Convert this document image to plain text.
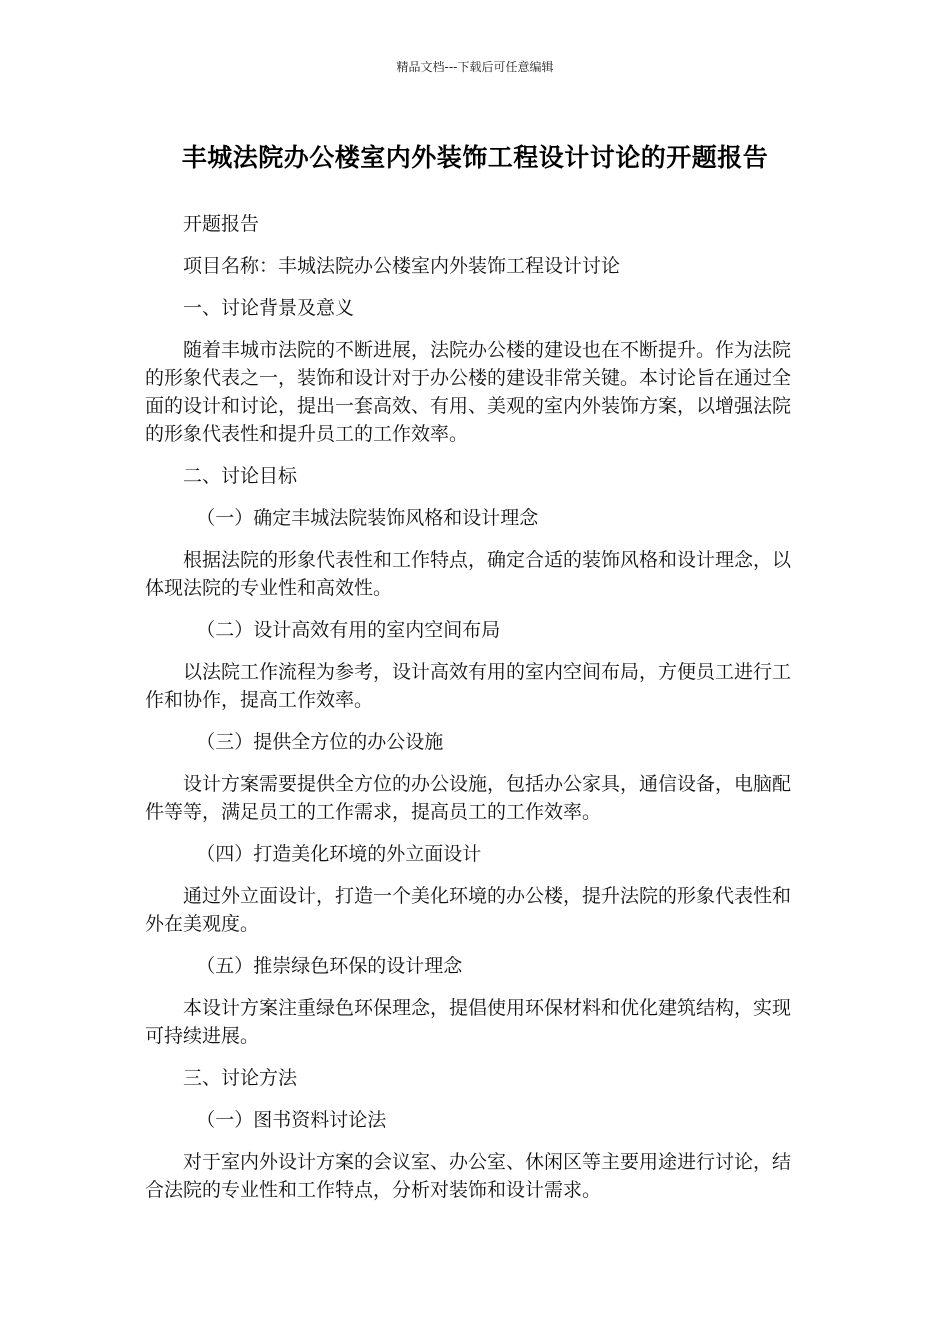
精品文档---下载后可任意编辑
丰城法院办公楼室内外装饰工程设计讨论的开题报告

开题报告

项目名称：丰城法院办公楼室内外装饰工程设计讨论

一、讨论背景及意义

随着丰城市法院的不断进展，法院办公楼的建设也在不断提升。作为法院的形象代表之一，装饰和设计对于办公楼的建设非常关键。本讨论旨在通过全面的设计和讨论，提出一套高效、有用、美观的室内外装饰方案，以增强法院的形象代表性和提升员工的工作效率。

二、讨论目标

（一）确定丰城法院装饰风格和设计理念

根据法院的形象代表性和工作特点，确定合适的装饰风格和设计理念，以体现法院的专业性和高效性。

（二）设计高效有用的室内空间布局

以法院工作流程为参考，设计高效有用的室内空间布局，方便员工进行工作和协作，提高工作效率。

（三）提供全方位的办公设施

设计方案需要提供全方位的办公设施，包括办公家具，通信设备，电脑配件等等，满足员工的工作需求，提高员工的工作效率。

（四）打造美化环境的外立面设计

通过外立面设计，打造一个美化环境的办公楼，提升法院的形象代表性和外在美观度。

（五）推崇绿色环保的设计理念

本设计方案注重绿色环保理念，提倡使用环保材料和优化建筑结构，实现可持续进展。

三、讨论方法

（一）图书资料讨论法

对于室内外设计方案的会议室、办公室、休闲区等主要用途进行讨论，结合法院的专业性和工作特点，分析对装饰和设计需求。
